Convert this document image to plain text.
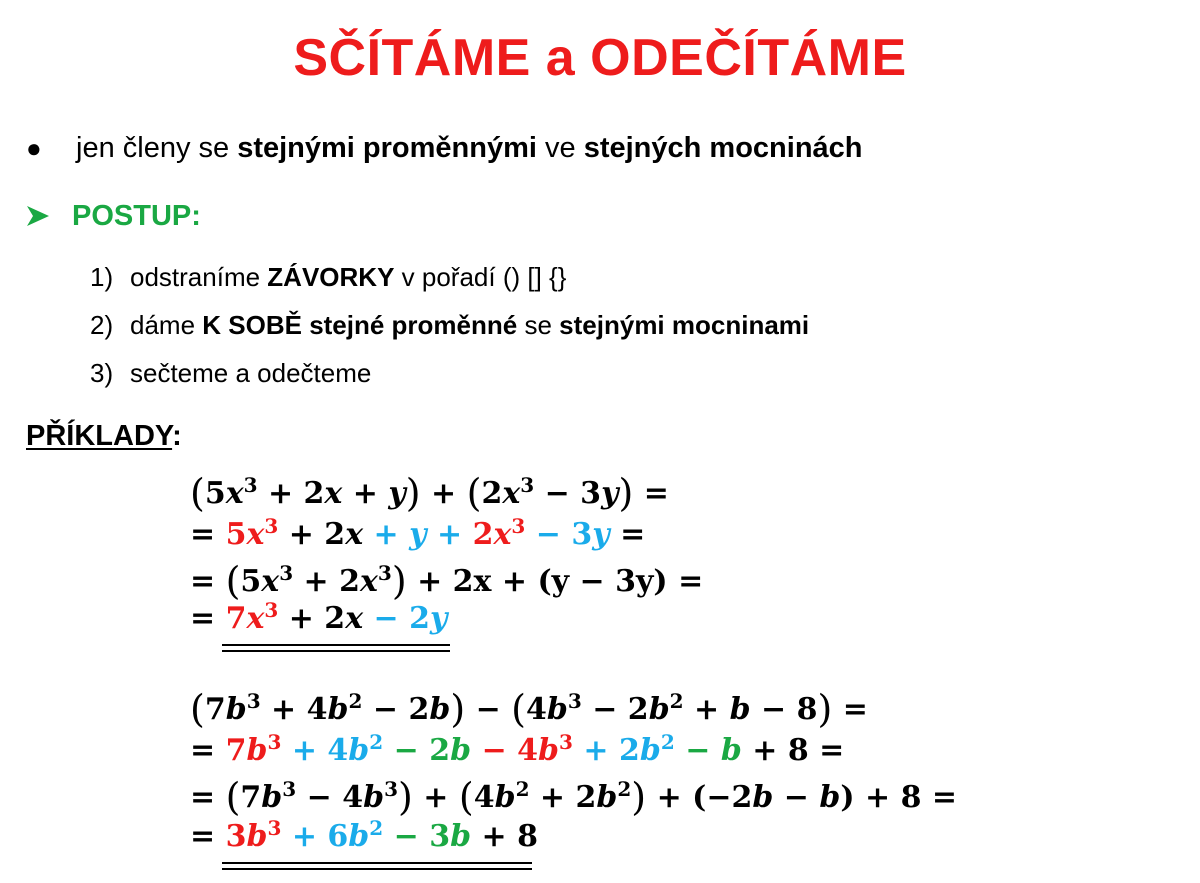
SČÍTÁME a ODEČÍTÁME
● jen členy se stejnými proměnnými ve stejných mocninách
POSTUP:
1) odstraníme ZÁVORKY v pořadí () [] {}
2) dáme K SOBĚ stejné proměnné se stejnými mocninami
3) sečteme a odečteme
PŘÍKLADY:
$(5x^3 + 2x + y) + (2x^3 - 3y)$ =
= $5x^3 + 2x + y + 2x^3 - 3y$ =
= $(5x^3 + 2x^3) + 2x + (y - 3y)$ =
= $7x^3 + 2x - 2y$
$(7b^3 + 4b^2 - 2b) - (4b^3 - 2b^2 + b - 8)$ =
= $7b^3 + 4b^2 - 2b - 4b^3 + 2b^2 - b + 8$ =
= $(7b^3 - 4b^3) + (4b^2 + 2b^2) + (-2b - b) + 8$ =
= $3b^3 + 6b^2 - 3b + 8$
